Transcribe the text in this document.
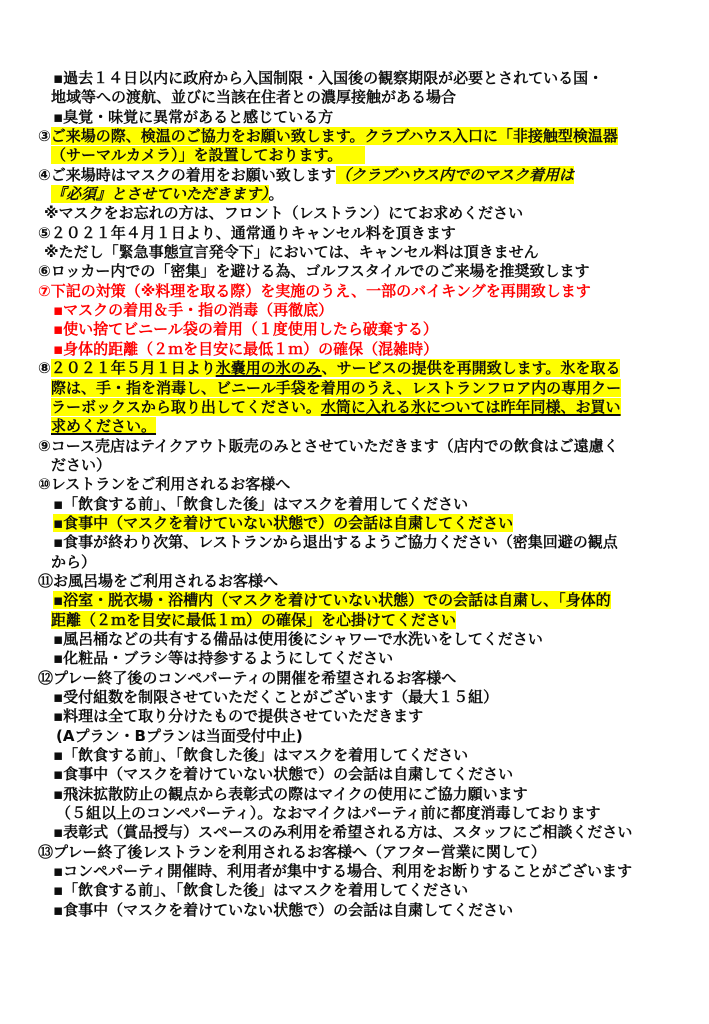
▪過去１４日以内に政府から入国制限・入国後の観察期限が必要とされている国・
地域等への渡航、並びに当該在住者との濃厚接触がある場合
▪臭覚・味覚に異常があると感じている方
③ご来場の際、検温のご協力をお願い致します。クラブハウス入口に「非接触型検温器
（サーマルカメラ）」を設置しております。　　
④ご来場時はマスクの着用をお願い致します（クラブハウス内でのマスク着用は
『必須』とさせていただきます）。
※マスクをお忘れの方は、フロント（レストラン）にてお求めください
⑤２０２１年４月１日より、通常通りキャンセル料を頂きます
※ただし「緊急事態宣言発令下」においては、キャンセル料は頂きません
⑥ロッカー内での「密集」を避ける為、ゴルフスタイルでのご来場を推奨致します
⑦下記の対策（※料理を取る際）を実施のうえ、一部のバイキングを再開致します
▪マスクの着用＆手・指の消毒（再徹底）
▪使い捨てビニール袋の着用（１度使用したら破棄する）
▪身体的距離（２ｍを目安に最低１ｍ）の確保（混雑時）
⑧２０２１年５月１日より氷嚢用の氷のみ、サービスの提供を再開致します。氷を取る
際は、手・指を消毒し、ビニール手袋を着用のうえ、レストランフロア内の専用クー
ラーボックスから取り出してください。水筒に入れる氷については昨年同様、お買い
求めください。
⑨コース売店はテイクアウト販売のみとさせていただきます（店内での飲食はご遠慮く
ださい）
⑩レストランをご利用されるお客様へ
▪「飲食する前」、「飲食した後」はマスクを着用してください
▪食事中（マスクを着けていない状態で）の会話は自粛してください
▪食事が終わり次第、レストランから退出するようご協力ください（密集回避の観点
から）
⑪お風呂場をご利用されるお客様へ
▪浴室・脱衣場・浴槽内（マスクを着けていない状態）での会話は自粛し、「身体的
距離（２ｍを目安に最低１ｍ）の確保」を心掛けてください
▪風呂桶などの共有する備品は使用後にシャワーで水洗いをしてください
▪化粧品・ブラシ等は持参するようにしてください
⑫プレー終了後のコンペパーティの開催を希望されるお客様へ
▪受付組数を制限させていただくことがございます（最大１５組）
▪料理は全て取り分けたもので提供させていただきます
(Aプラン・Bプランは当面受付中止)
▪「飲食する前」、「飲食した後」はマスクを着用してください
▪食事中（マスクを着けていない状態で）の会話は自粛してください
▪飛沫拡散防止の観点から表彰式の際はマイクの使用にご協力願います
（５組以上のコンペパーティ）。なおマイクはパーティ前に都度消毒しております
▪表彰式（賞品授与）スペースのみ利用を希望される方は、スタッフにご相談ください
⑬プレー終了後レストランを利用されるお客様へ（アフター営業に関して）
▪コンペパーティ開催時、利用者が集中する場合、利用をお断りすることがございます
▪「飲食する前」、「飲食した後」はマスクを着用してください
▪食事中（マスクを着けていない状態で）の会話は自粛してください
